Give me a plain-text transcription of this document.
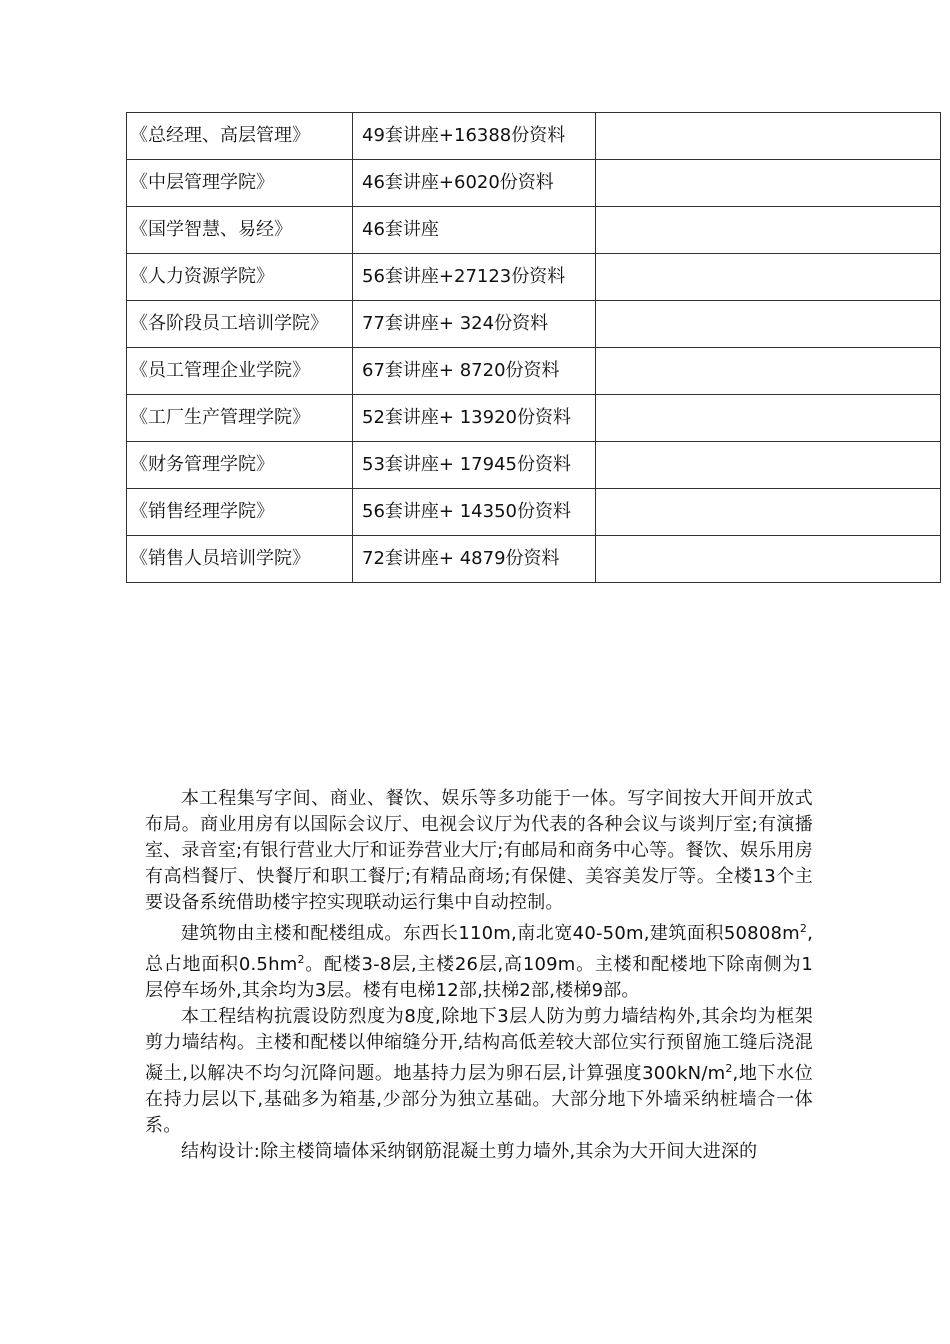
《总经理、高层管理》	49套讲座+16388份资料	
《中层管理学院》	46套讲座+6020份资料	
《国学智慧、易经》	46套讲座	
《人力资源学院》	56套讲座+27123份资料	
《各阶段员工培训学院》	77套讲座+ 324份资料	
《员工管理企业学院》	67套讲座+ 8720份资料	
《工厂生产管理学院》	52套讲座+ 13920份资料	
《财务管理学院》	53套讲座+ 17945份资料	
《销售经理学院》	56套讲座+ 14350份资料	
《销售人员培训学院》	72套讲座+ 4879份资料	

本工程集写字间、商业、餐饮、娱乐等多功能于一体。写字间按大开间开放式布局。商业用房有以国际会议厅、电视会议厅为代表的各种会议与谈判厅室;有演播室、录音室;有银行营业大厅和证券营业大厅;有邮局和商务中心等。餐饮、娱乐用房有高档餐厅、快餐厅和职工餐厅;有精品商场;有保健、美容美发厅等。全楼13个主要设备系统借助楼宇控实现联动运行集中自动控制。

建筑物由主楼和配楼组成。东西长110m,南北宽40-50m,建筑面积$50808m^2$,总占地面积$0.5hm^2$。配楼3-8层,主楼26层,高109m。主楼和配楼地下除南侧为1层停车场外,其余均为3层。楼有电梯12部,扶梯2部,楼梯9部。

本工程结构抗震设防烈度为8度,除地下3层人防为剪力墙结构外,其余均为框架剪力墙结构。主楼和配楼以伸缩缝分开,结构高低差较大部位实行预留施工缝后浇混凝土,以解决不均匀沉降问题。地基持力层为卵石层,计算强度$300kN/m^2$,地下水位在持力层以下,基础多为箱基,少部分为独立基础。大部分地下外墙采纳桩墙合一体系。

结构设计:除主楼筒墙体采纳钢筋混凝土剪力墙外,其余为大开间大进深的
